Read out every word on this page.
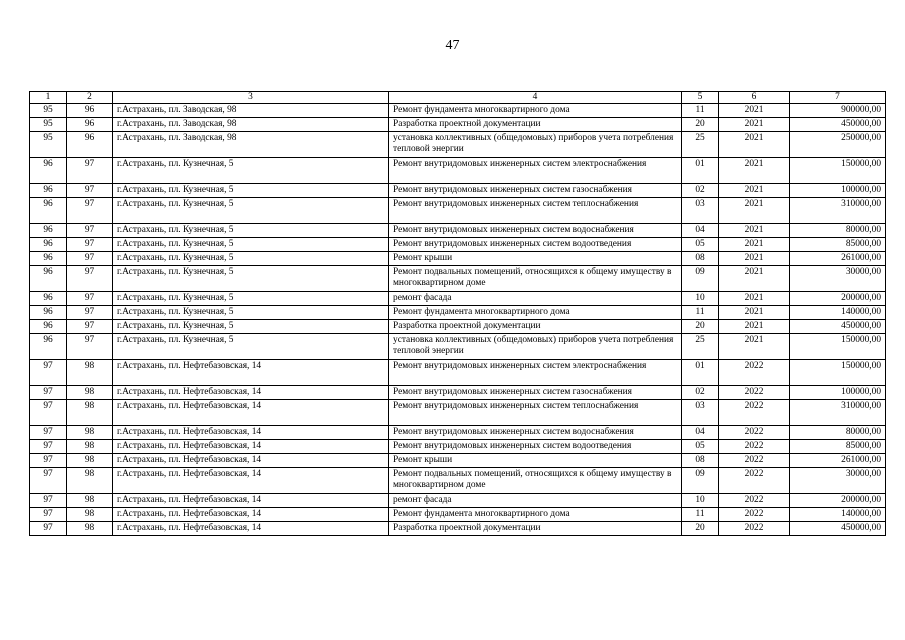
47
1	2	3	4	5	6	7
95	96	г.Астрахань, пл. Заводская, 98	Ремонт фундамента многоквартирного дома	11	2021	900000,00
95	96	г.Астрахань, пл. Заводская, 98	Разработка проектной документации	20	2021	450000,00
95	96	г.Астрахань, пл. Заводская, 98	установка коллективных (общедомовых) приборов учета потребления тепловой энергии	25	2021	250000,00
96	97	г.Астрахань, пл. Кузнечная, 5	Ремонт внутридомовых инженерных систем электроснабжения	01	2021	150000,00
96	97	г.Астрахань, пл. Кузнечная, 5	Ремонт внутридомовых инженерных систем газоснабжения	02	2021	100000,00
96	97	г.Астрахань, пл. Кузнечная, 5	Ремонт внутридомовых инженерных систем теплоснабжения	03	2021	310000,00
96	97	г.Астрахань, пл. Кузнечная, 5	Ремонт внутридомовых инженерных систем водоснабжения	04	2021	80000,00
96	97	г.Астрахань, пл. Кузнечная, 5	Ремонт внутридомовых инженерных систем водоотведения	05	2021	85000,00
96	97	г.Астрахань, пл. Кузнечная, 5	Ремонт крыши	08	2021	261000,00
96	97	г.Астрахань, пл. Кузнечная, 5	Ремонт подвальных помещений, относящихся к общему имуществу в многоквартирном доме	09	2021	30000,00
96	97	г.Астрахань, пл. Кузнечная, 5	ремонт фасада	10	2021	200000,00
96	97	г.Астрахань, пл. Кузнечная, 5	Ремонт фундамента многоквартирного дома	11	2021	140000,00
96	97	г.Астрахань, пл. Кузнечная, 5	Разработка проектной документации	20	2021	450000,00
96	97	г.Астрахань, пл. Кузнечная, 5	установка коллективных (общедомовых) приборов учета потребления тепловой энергии	25	2021	150000,00
97	98	г.Астрахань, пл. Нефтебазовская, 14	Ремонт внутридомовых инженерных систем электроснабжения	01	2022	150000,00
97	98	г.Астрахань, пл. Нефтебазовская, 14	Ремонт внутридомовых инженерных систем газоснабжения	02	2022	100000,00
97	98	г.Астрахань, пл. Нефтебазовская, 14	Ремонт внутридомовых инженерных систем теплоснабжения	03	2022	310000,00
97	98	г.Астрахань, пл. Нефтебазовская, 14	Ремонт внутридомовых инженерных систем водоснабжения	04	2022	80000,00
97	98	г.Астрахань, пл. Нефтебазовская, 14	Ремонт внутридомовых инженерных систем водоотведения	05	2022	85000,00
97	98	г.Астрахань, пл. Нефтебазовская, 14	Ремонт крыши	08	2022	261000,00
97	98	г.Астрахань, пл. Нефтебазовская, 14	Ремонт подвальных помещений, относящихся к общему имуществу в многоквартирном доме	09	2022	30000,00
97	98	г.Астрахань, пл. Нефтебазовская, 14	ремонт фасада	10	2022	200000,00
97	98	г.Астрахань, пл. Нефтебазовская, 14	Ремонт фундамента многоквартирного дома	11	2022	140000,00
97	98	г.Астрахань, пл. Нефтебазовская, 14	Разработка проектной документации	20	2022	450000,00
